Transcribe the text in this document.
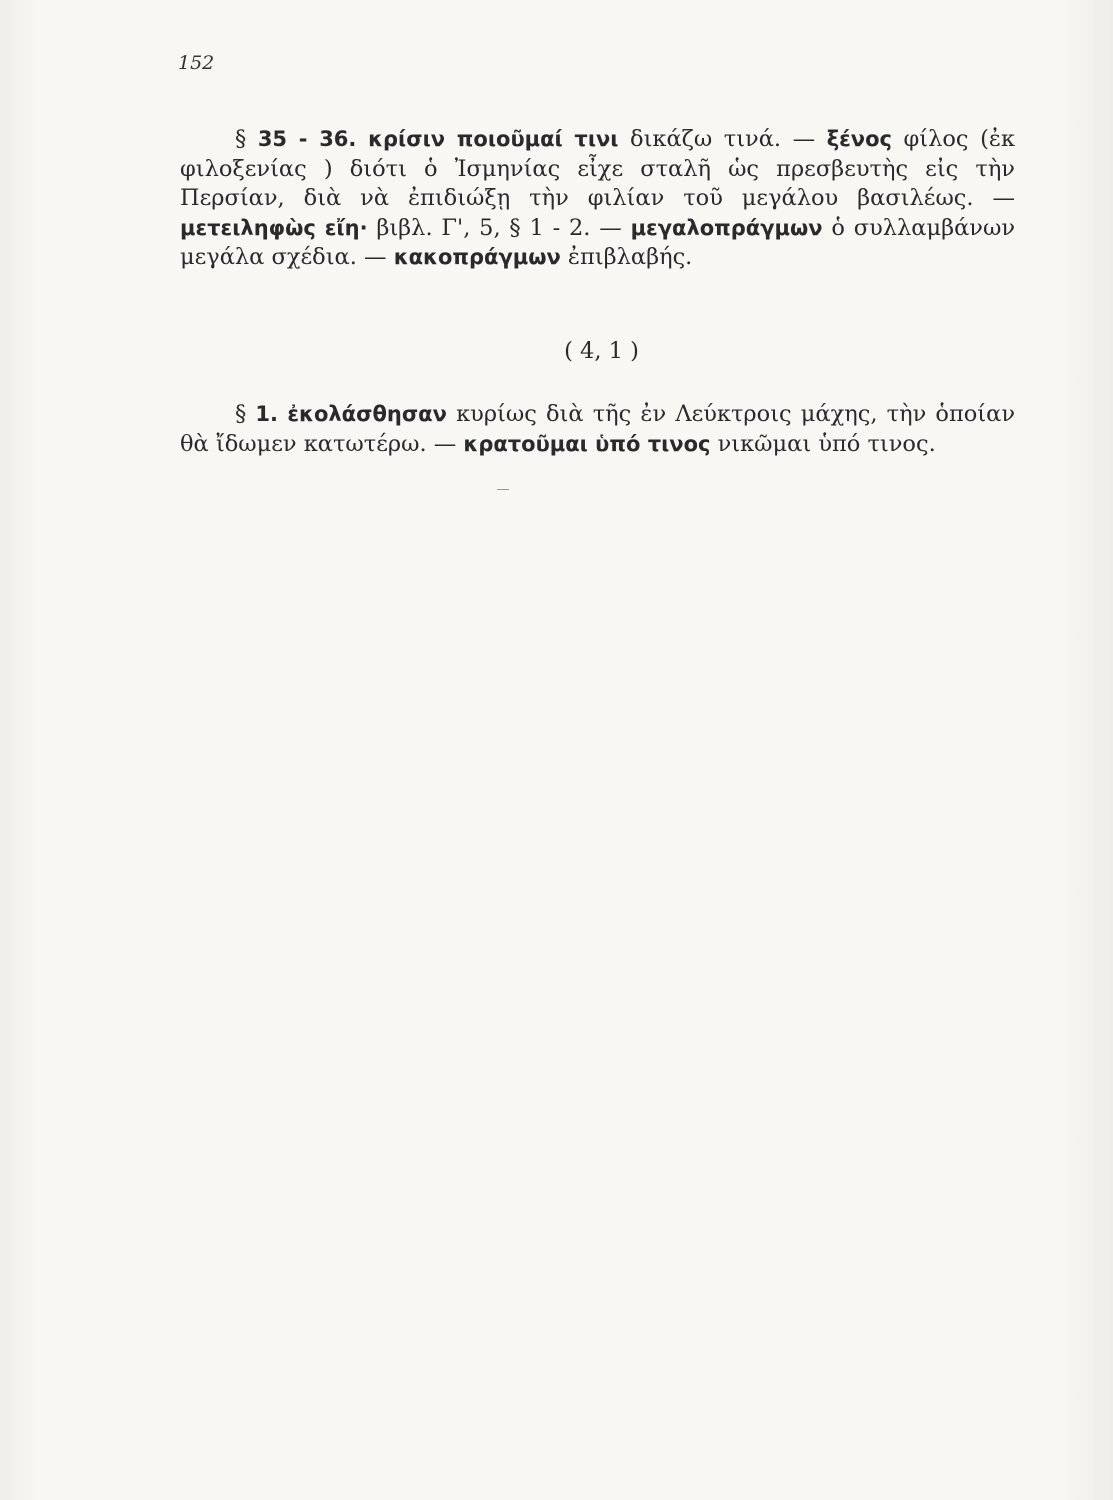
152

§ 35 - 36. κρίσιν ποιοῦμαί τινι δικάζω τινά. — ξένος φίλος (ἐκ φιλοξενίας ) διότι ὁ Ἰσμηνίας εἶχε σταλῆ ὡς πρεσβευτὴς εἰς τὴν Περσίαν, διὰ νὰ ἐπιδιώξῃ τὴν φιλίαν τοῦ μεγάλου βασιλέως. — μετειληφὼς εἴη· βιβλ. Γ', 5, § 1 - 2. — μεγαλοπράγμων ὁ συλλαμβάνων μεγάλα σχέδια. — κακοπράγμων ἐπιβλαβής.

( 4, 1 )

§ 1. ἐκολάσθησαν κυρίως διὰ τῆς ἐν Λεύκτροις μάχης, τὴν ὁποίαν θὰ ἴδωμεν κατωτέρω. — κρατοῦμαι ὑπό τινος νικῶμαι ὑπό τινος.
